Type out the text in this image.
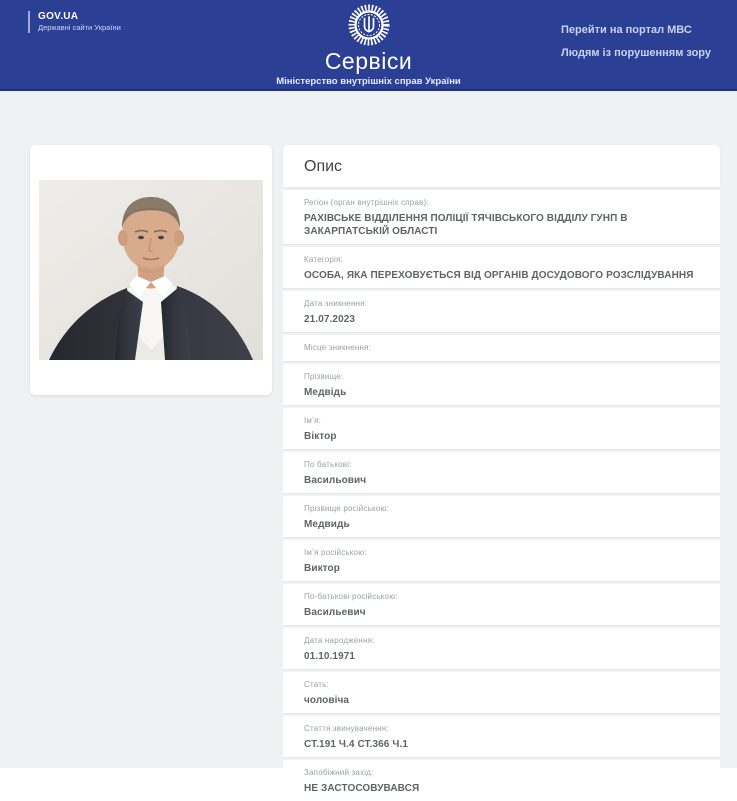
GOV.UA
Державні сайти України
Сервіси
Міністерство внутрішніх справ України
Перейти на портал МВС
Людям із порушенням зору
Опис
Регіон (орган внутрішніх справ):
РАХІВСЬКЕ ВІДДІЛЕННЯ ПОЛІЦІЇ ТЯЧІВСЬКОГО ВІДДІЛУ ГУНП В ЗАКАРПАТСЬКІЙ ОБЛАСТІ
Категорія:
ОСОБА, ЯКА ПЕРЕХОВУЄТЬСЯ ВІД ОРГАНІВ ДОСУДОВОГО РОЗСЛІДУВАННЯ
Дата зникнення:
21.07.2023
Місце зникнення:
Прізвище:
Медвідь
Імʼя:
Віктор
По батькові:
Васильович
Прізвище російською:
Медвидь
Імʼя російською:
Виктор
По-батькові російською:
Васильевич
Дата народження:
01.10.1971
Стать:
чоловіча
Стаття звинувачення:
СТ.191 Ч.4 СТ.366 Ч.1
Запобіжний захід:
НЕ ЗАСТОСОВУВАВСЯ
